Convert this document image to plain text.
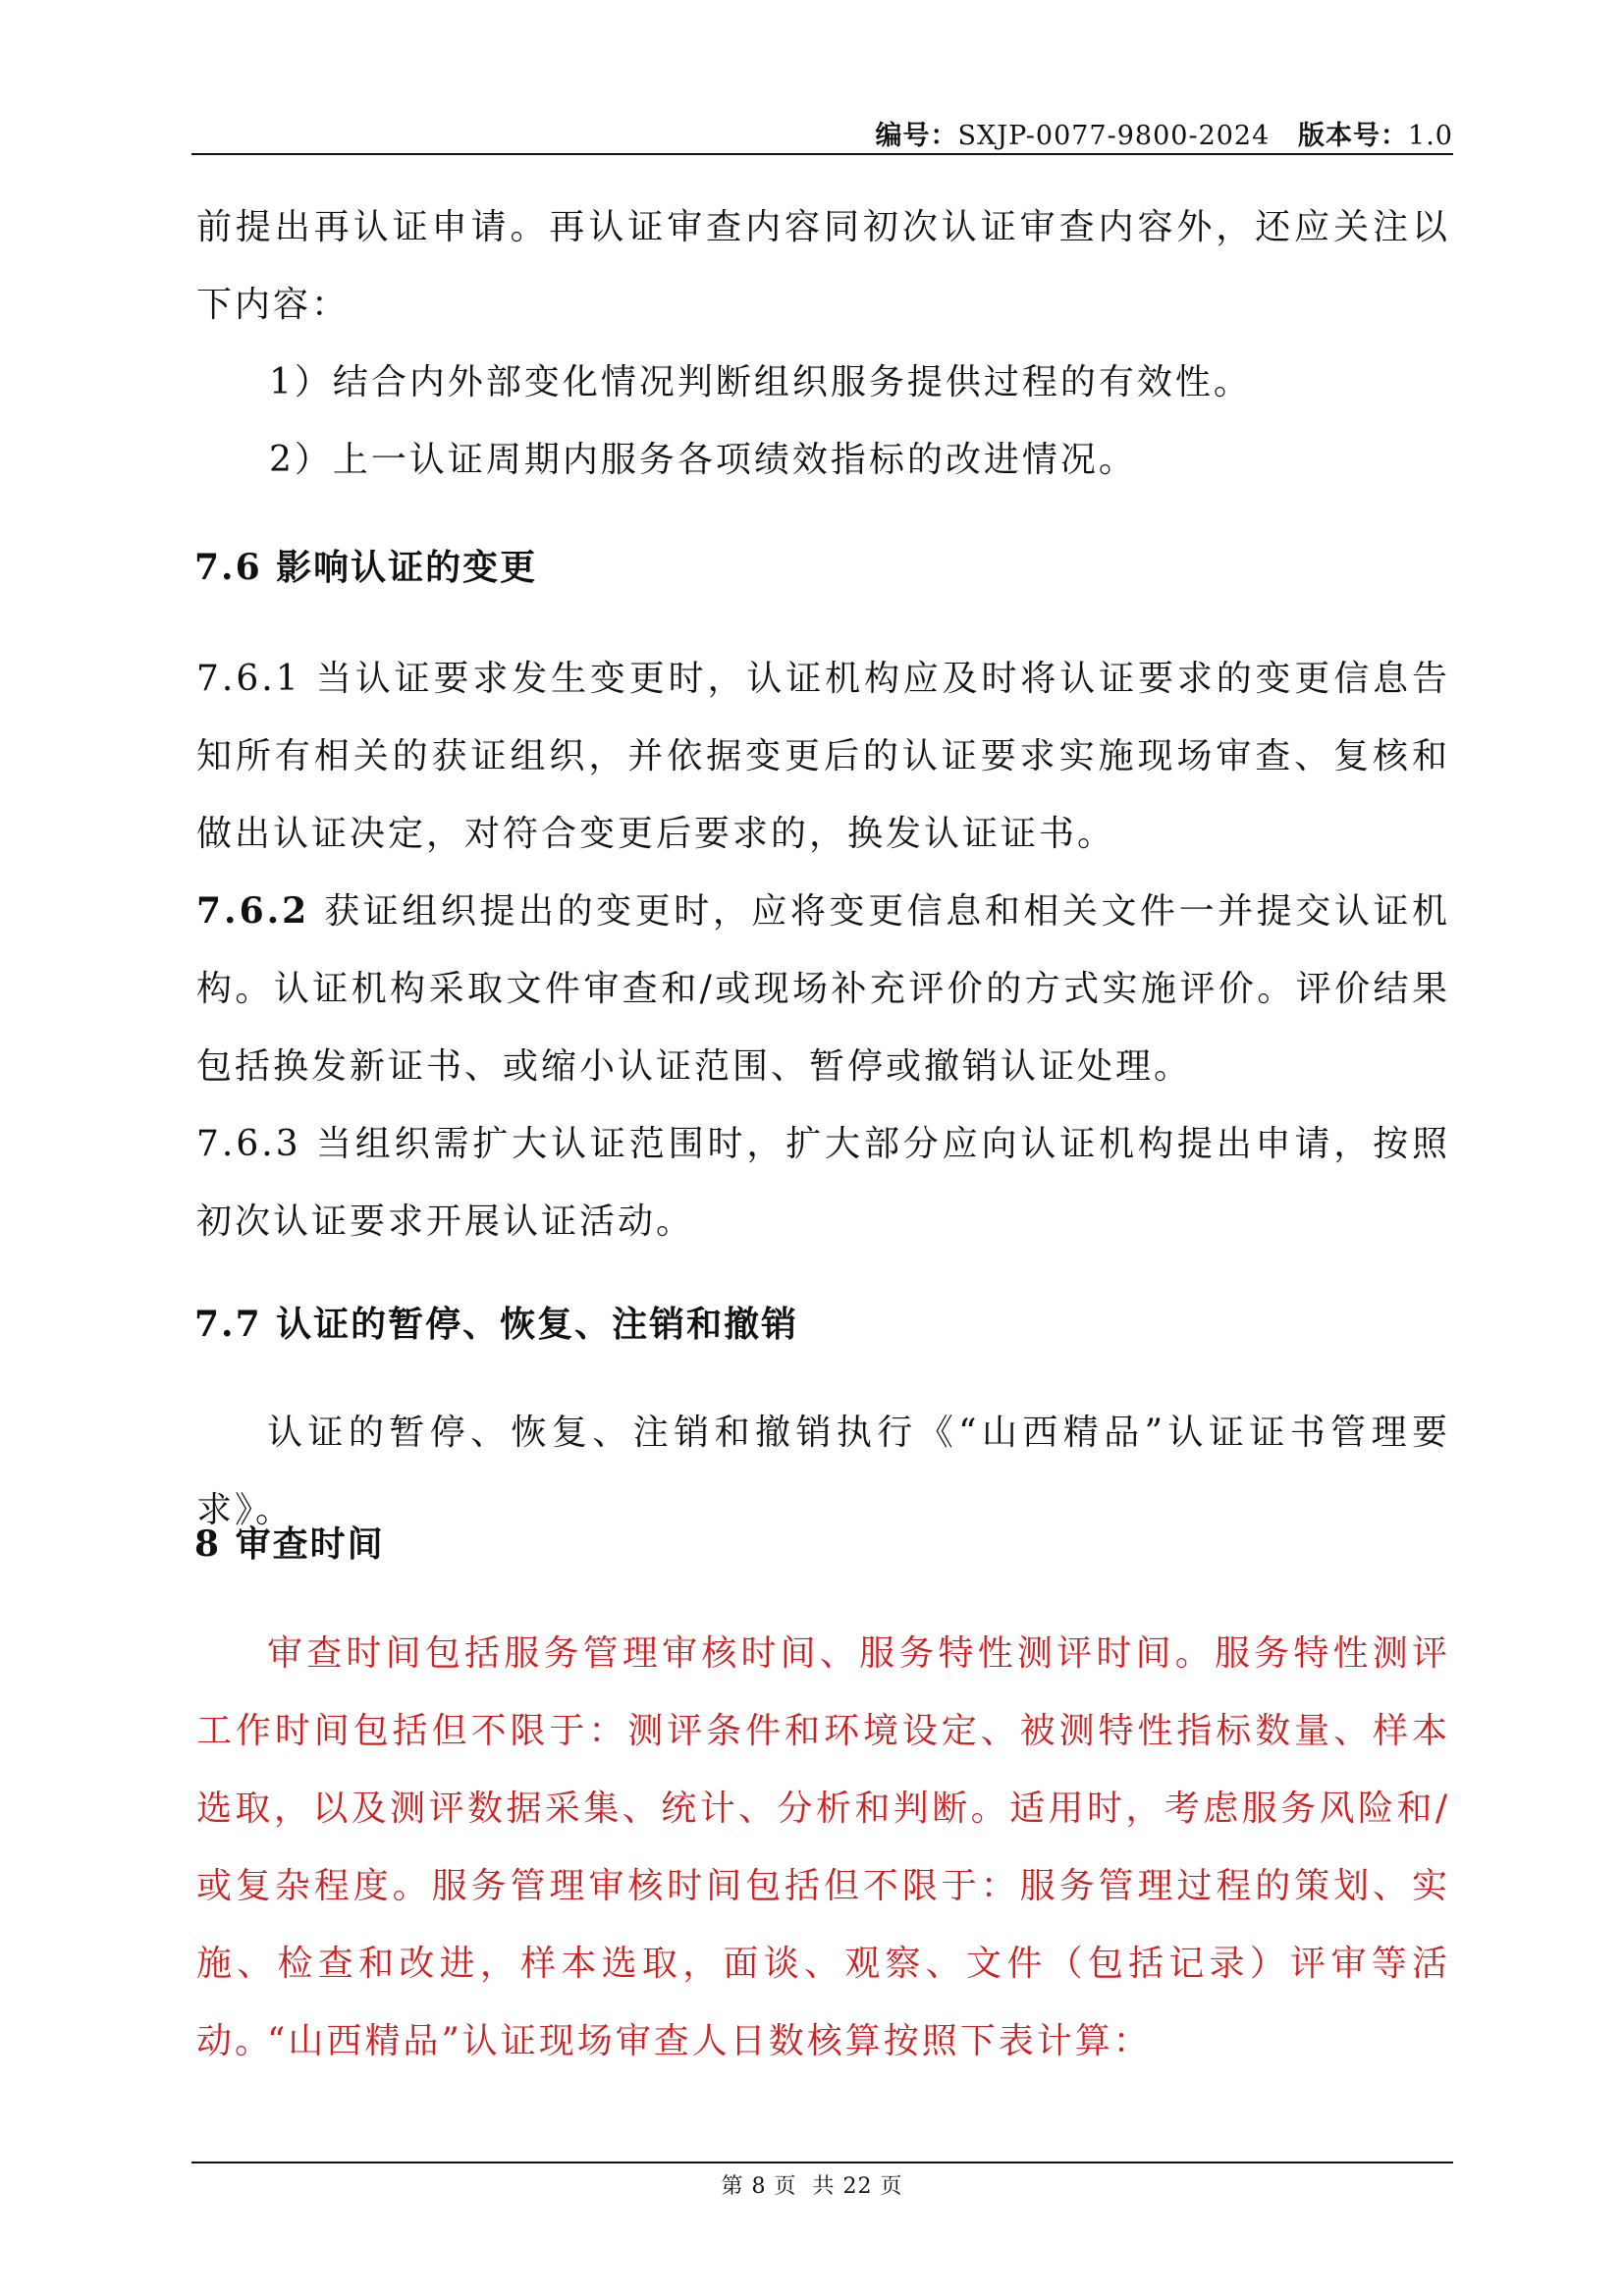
编号：SXJP-0077-9800-2024 版本号：1.0

前提出再认证申请。再认证审查内容同初次认证审查内容外，还应关注以下内容：

1）结合内外部变化情况判断组织服务提供过程的有效性。

2）上一认证周期内服务各项绩效指标的改进情况。

7.6 影响认证的变更

7.6.1 当认证要求发生变更时，认证机构应及时将认证要求的变更信息告知所有相关的获证组织，并依据变更后的认证要求实施现场审查、复核和做出认证决定，对符合变更后要求的，换发认证证书。

7.6.2 获证组织提出的变更时，应将变更信息和相关文件一并提交认证机构。认证机构采取文件审查和/或现场补充评价的方式实施评价。评价结果包括换发新证书、或缩小认证范围、暂停或撤销认证处理。

7.6.3 当组织需扩大认证范围时，扩大部分应向认证机构提出申请，按照初次认证要求开展认证活动。

7.7 认证的暂停、恢复、注销和撤销

认证的暂停、恢复、注销和撤销执行《“山西精品”认证证书管理要求》。

8 审查时间

审查时间包括服务管理审核时间、服务特性测评时间。服务特性测评工作时间包括但不限于：测评条件和环境设定、被测特性指标数量、样本选取，以及测评数据采集、统计、分析和判断。适用时，考虑服务风险和/或复杂程度。服务管理审核时间包括但不限于：服务管理过程的策划、实施、检查和改进，样本选取，面谈、观察、文件（包括记录）评审等活动。

“山西精品”认证现场审查人日数核算按照下表计算：

第 8 页 共 22 页
